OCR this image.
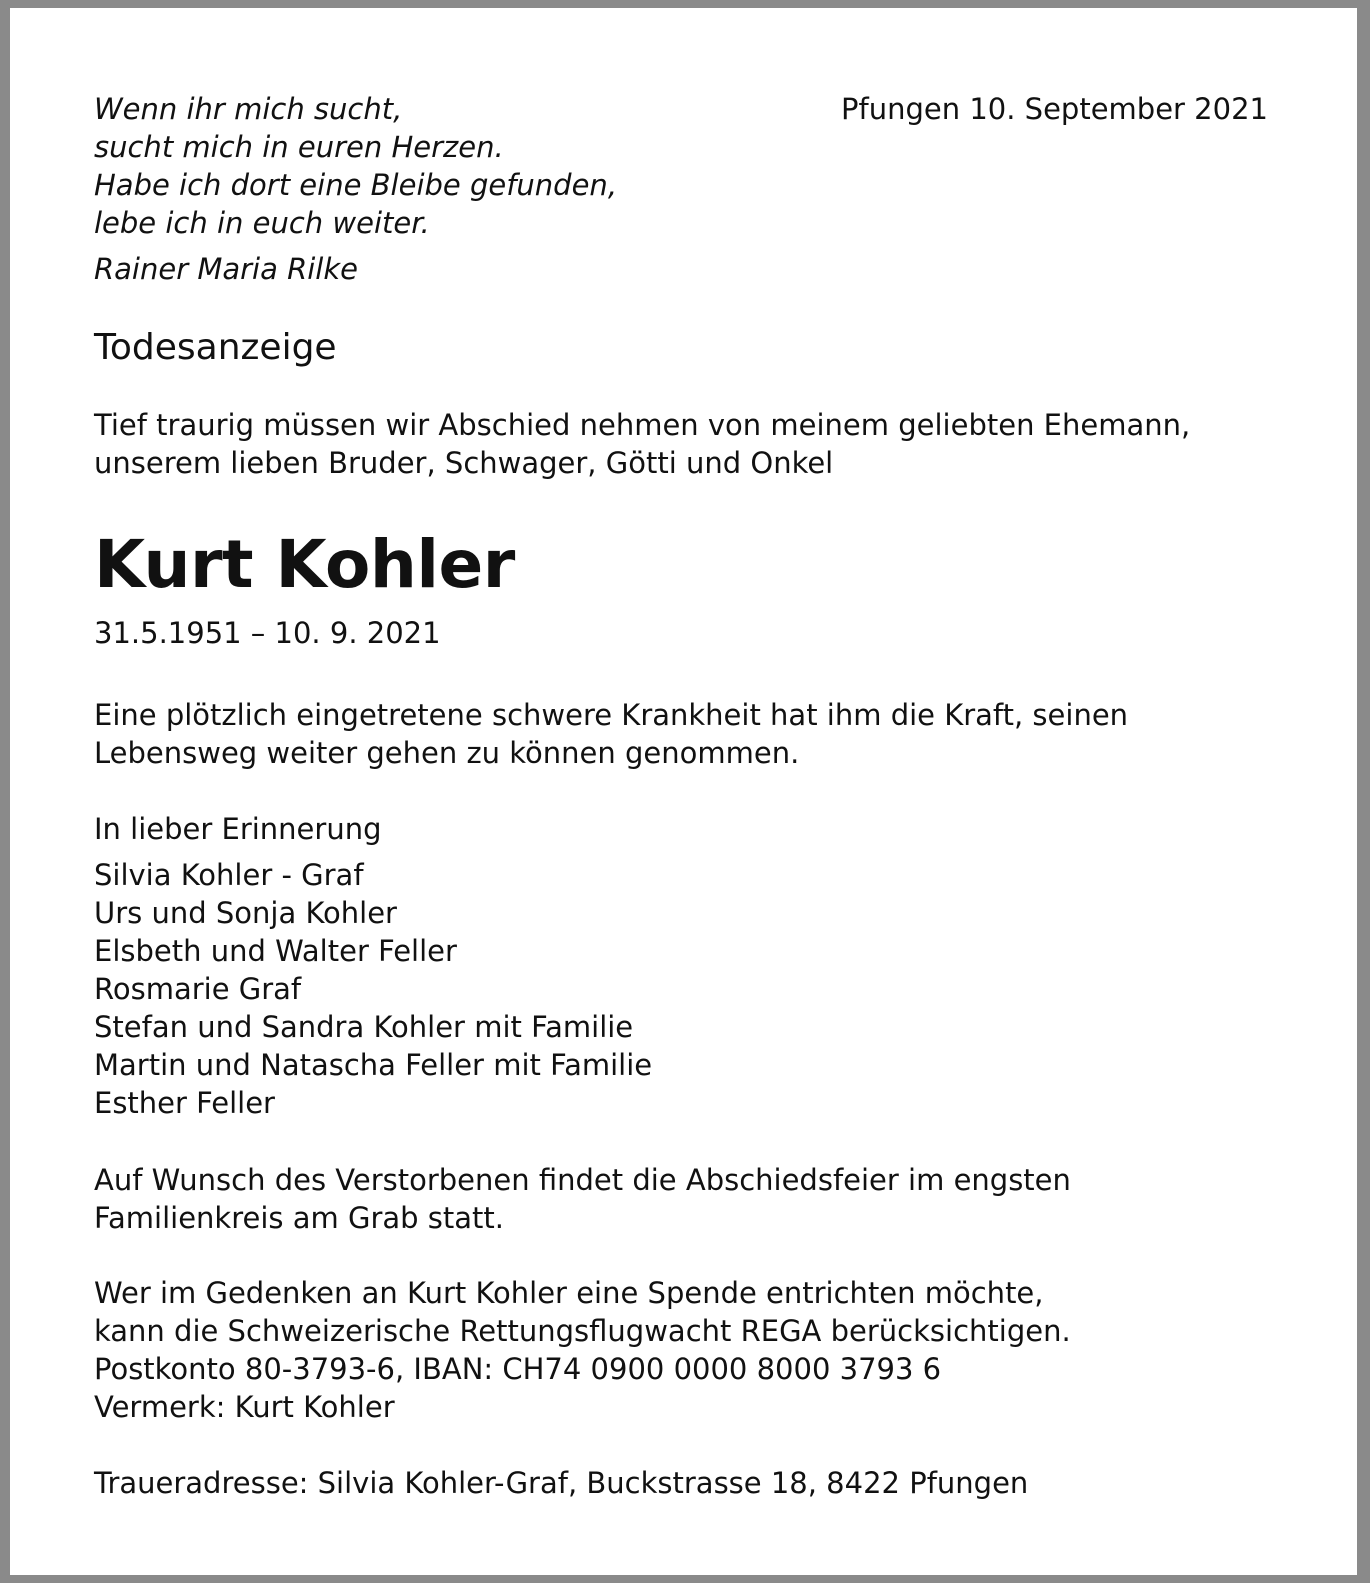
Wenn ihr mich sucht,
sucht mich in euren Herzen.
Habe ich dort eine Bleibe gefunden,
lebe ich in euch weiter.
Rainer Maria Rilke
Pfungen 10. September 2021
Todesanzeige
Tief traurig müssen wir Abschied nehmen von meinem geliebten Ehemann,
unserem lieben Bruder, Schwager, Götti und Onkel
Kurt Kohler
31.5.1951 – 10. 9. 2021
Eine plötzlich eingetretene schwere Krankheit hat ihm die Kraft, seinen
Lebensweg weiter gehen zu können genommen.
In lieber Erinnerung
Silvia Kohler - Graf
Urs und Sonja Kohler
Elsbeth und Walter Feller
Rosmarie Graf
Stefan und Sandra Kohler mit Familie
Martin und Natascha Feller mit Familie
Esther Feller
Auf Wunsch des Verstorbenen findet die Abschiedsfeier im engsten
Familienkreis am Grab statt.
Wer im Gedenken an Kurt Kohler eine Spende entrichten möchte,
kann die Schweizerische Rettungsflugwacht REGA berücksichtigen.
Postkonto 80-3793-6, IBAN: CH74 0900 0000 8000 3793 6
Vermerk: Kurt Kohler
Traueradresse: Silvia Kohler-Graf, Buckstrasse 18, 8422 Pfungen
